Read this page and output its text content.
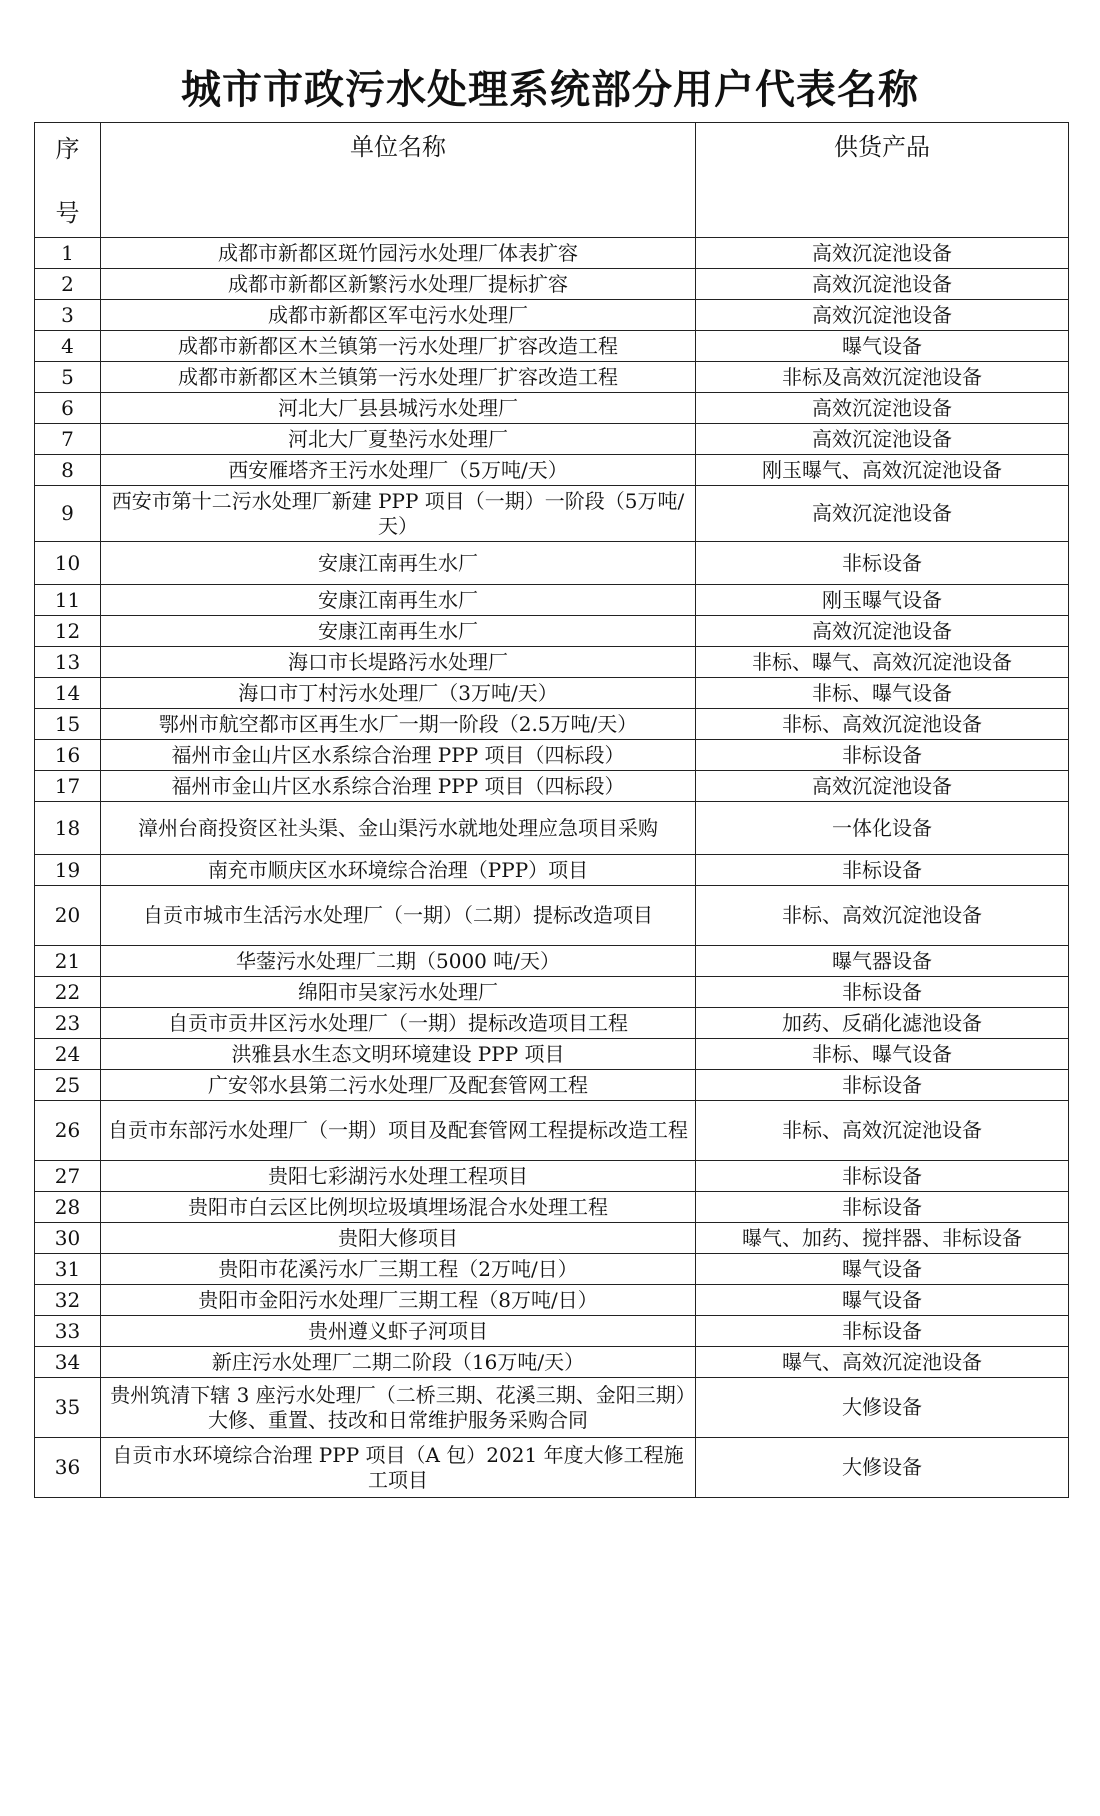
城市市政污水处理系统部分用户代表名称
序

号	单位名称	供货产品
1	成都市新都区斑竹园污水处理厂体表扩容	高效沉淀池设备
2	成都市新都区新繁污水处理厂提标扩容	高效沉淀池设备
3	成都市新都区军屯污水处理厂	高效沉淀池设备
4	成都市新都区木兰镇第一污水处理厂扩容改造工程	曝气设备
5	成都市新都区木兰镇第一污水处理厂扩容改造工程	非标及高效沉淀池设备
6	河北大厂县县城污水处理厂	高效沉淀池设备
7	河北大厂夏垫污水处理厂	高效沉淀池设备
8	西安雁塔齐王污水处理厂（5万吨/天）	刚玉曝气、高效沉淀池设备
9	西安市第十二污水处理厂新建 PPP 项目（一期）一阶段（5万吨/天）	高效沉淀池设备
10	安康江南再生水厂	非标设备
11	安康江南再生水厂	刚玉曝气设备
12	安康江南再生水厂	高效沉淀池设备
13	海口市长堤路污水处理厂	非标、曝气、高效沉淀池设备
14	海口市丁村污水处理厂（3万吨/天）	非标、曝气设备
15	鄂州市航空都市区再生水厂一期一阶段（2.5万吨/天）	非标、高效沉淀池设备
16	福州市金山片区水系综合治理 PPP 项目（四标段）	非标设备
17	福州市金山片区水系综合治理 PPP 项目（四标段）	高效沉淀池设备
18	漳州台商投资区社头渠、金山渠污水就地处理应急项目采购	一体化设备
19	南充市顺庆区水环境综合治理（PPP）项目	非标设备
20	自贡市城市生活污水处理厂（一期）（二期）提标改造项目	非标、高效沉淀池设备
21	华蓥污水处理厂二期（5000 吨/天）	曝气器设备
22	绵阳市吴家污水处理厂	非标设备
23	自贡市贡井区污水处理厂（一期）提标改造项目工程	加药、反硝化滤池设备
24	洪雅县水生态文明环境建设 PPP 项目	非标、曝气设备
25	广安邻水县第二污水处理厂及配套管网工程	非标设备
26	自贡市东部污水处理厂（一期）项目及配套管网工程提标改造工程	非标、高效沉淀池设备
27	贵阳七彩湖污水处理工程项目	非标设备
28	贵阳市白云区比例坝垃圾填埋场混合水处理工程	非标设备
30	贵阳大修项目	曝气、加药、搅拌器、非标设备
31	贵阳市花溪污水厂三期工程（2万吨/日）	曝气设备
32	贵阳市金阳污水处理厂三期工程（8万吨/日）	曝气设备
33	贵州遵义虾子河项目	非标设备
34	新庄污水处理厂二期二阶段（16万吨/天）	曝气、高效沉淀池设备
35	贵州筑清下辖 3 座污水处理厂（二桥三期、花溪三期、金阳三期）大修、重置、技改和日常维护服务采购合同	大修设备
36	自贡市水环境综合治理 PPP 项目（A 包）2021 年度大修工程施工项目	大修设备
